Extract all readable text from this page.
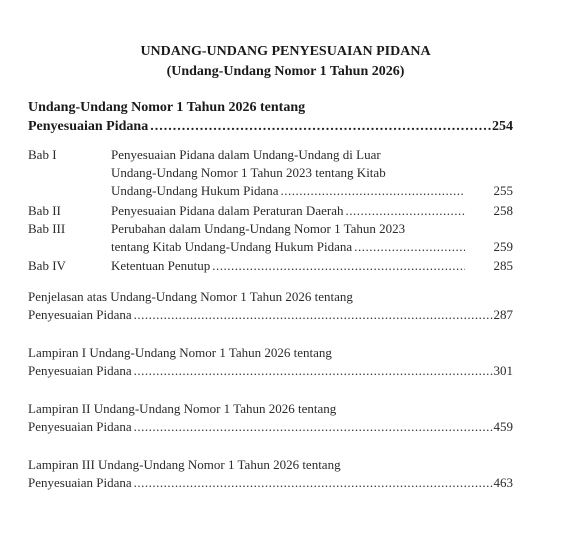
UNDANG-UNDANG PENYESUAIAN PIDANA
(Undang-Undang Nomor 1 Tahun 2026)
Undang-Undang Nomor 1 Tahun 2026 tentang
Penyesuaian Pidana .....	254
Bab I	Penyesuaian Pidana dalam Undang-Undang di Luar
Undang-Undang Nomor 1 Tahun 2023 tentang Kitab
Undang-Undang Hukum Pidana .....	255
Bab II	Penyesuaian Pidana dalam Peraturan Daerah .....	258
Bab III	Perubahan dalam Undang-Undang Nomor 1 Tahun 2023
tentang Kitab Undang-Undang Hukum Pidana .....	259
Bab IV	Ketentuan Penutup .....	285
Penjelasan atas Undang-Undang Nomor 1 Tahun 2026 tentang
Penyesuaian Pidana .....	287
Lampiran I Undang-Undang Nomor 1 Tahun 2026 tentang
Penyesuaian Pidana .....	301
Lampiran II Undang-Undang Nomor 1 Tahun 2026 tentang
Penyesuaian Pidana .....	459
Lampiran III Undang-Undang Nomor 1 Tahun 2026 tentang
Penyesuaian Pidana .....	463
